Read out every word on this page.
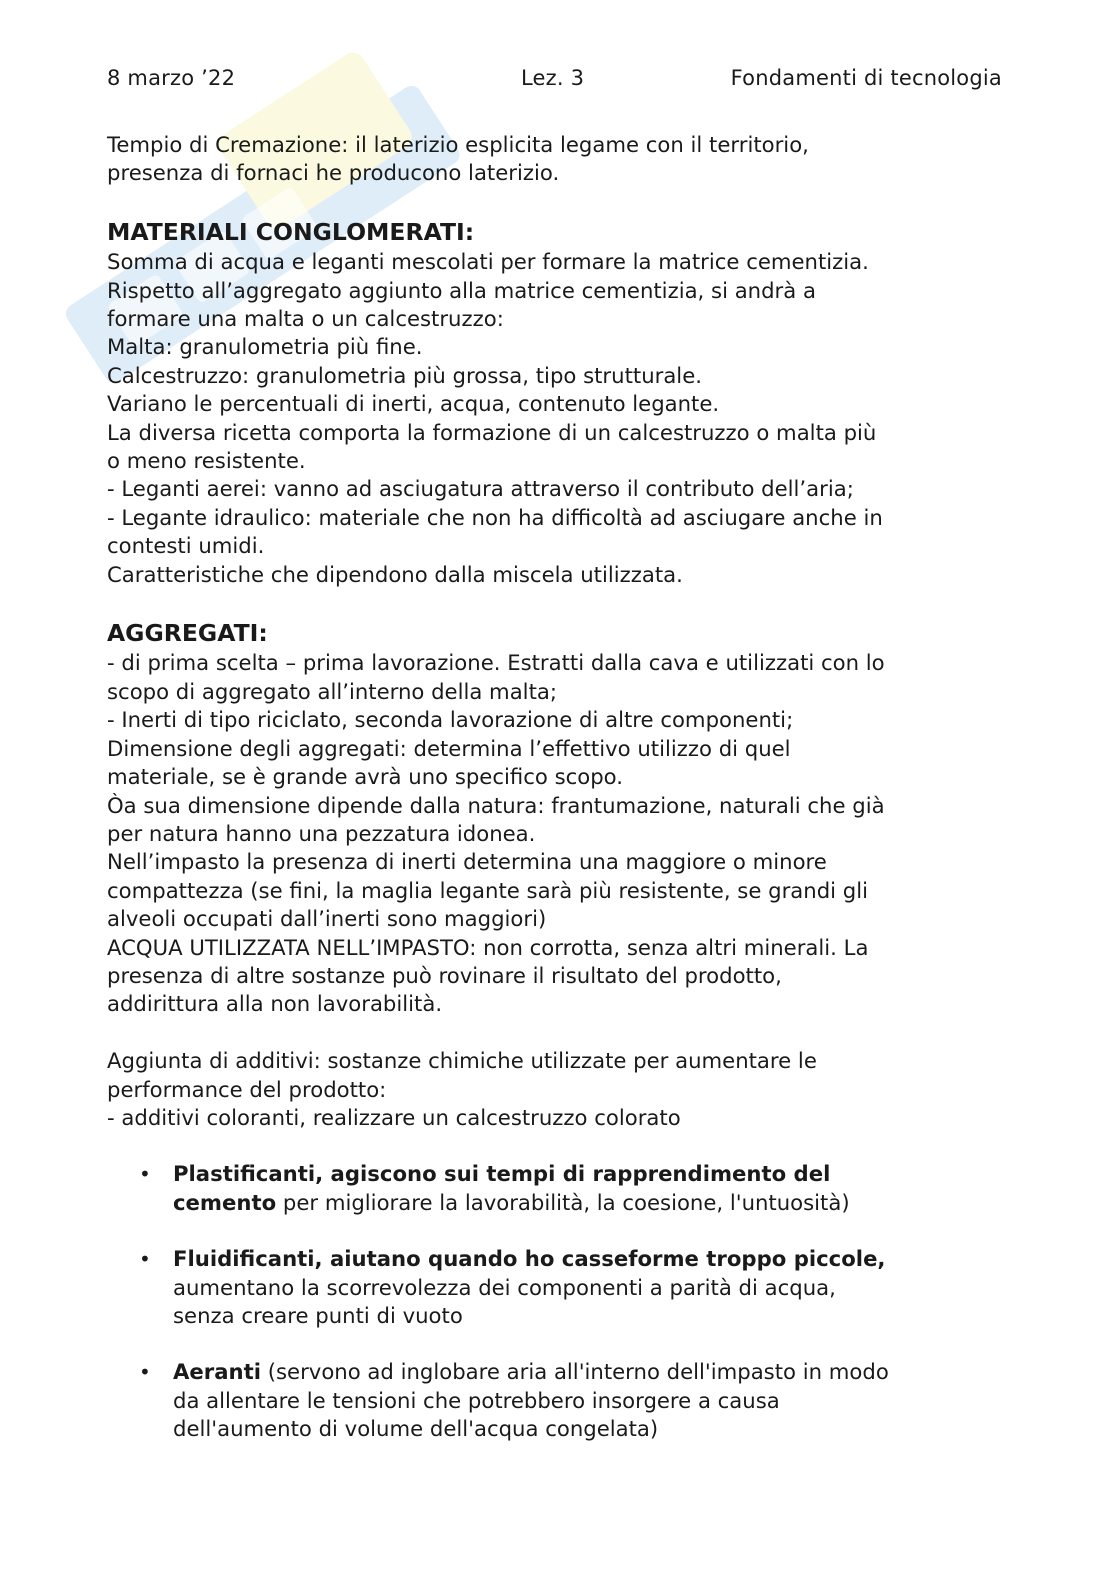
8 marzo ’22	Lez. 3	Fondamenti di tecnologia

Tempio di Cremazione: il laterizio esplicita legame con il territorio,

presenza di fornaci he producono laterizio.

MATERIALI CONGLOMERATI:

Somma di acqua e leganti mescolati per formare la matrice cementizia.

Rispetto all’aggregato aggiunto alla matrice cementizia, si andrà a

formare una malta o un calcestruzzo:

Malta: granulometria più fine.

Calcestruzzo: granulometria più grossa, tipo strutturale.

Variano le percentuali di inerti, acqua, contenuto legante.

La diversa ricetta comporta la formazione di un calcestruzzo o malta più

o meno resistente.

- Leganti aerei: vanno ad asciugatura attraverso il contributo dell’aria;

- Legante idraulico: materiale che non ha difficoltà ad asciugare anche in

contesti umidi.

Caratteristiche che dipendono dalla miscela utilizzata.

AGGREGATI:

- di prima scelta – prima lavorazione. Estratti dalla cava e utilizzati con lo

scopo di aggregato all’interno della malta;

- Inerti di tipo riciclato, seconda lavorazione di altre componenti;

Dimensione degli aggregati: determina l’effettivo utilizzo di quel

materiale, se è grande avrà uno specifico scopo.

Òa sua dimensione dipende dalla natura: frantumazione, naturali che già

per natura hanno una pezzatura idonea.

Nell’impasto la presenza di inerti determina una maggiore o minore

compattezza (se fini, la maglia legante sarà più resistente, se grandi gli

alveoli occupati dall’inerti sono maggiori)

ACQUA UTILIZZATA NELL’IMPASTO: non corrotta, senza altri minerali. La

presenza di altre sostanze può rovinare il risultato del prodotto,

addirittura alla non lavorabilità.

Aggiunta di additivi: sostanze chimiche utilizzate per aumentare le

performance del prodotto:

- additivi coloranti, realizzare un calcestruzzo colorato

• Plastificanti, agiscono sui tempi di rapprendimento del
cemento per migliorare la lavorabilità, la coesione, l'untuosità)
• Fluidificanti, aiutano quando ho casseforme troppo piccole,
aumentano la scorrevolezza dei componenti a parità di acqua,
senza creare punti di vuoto
• Aeranti (servono ad inglobare aria all'interno dell'impasto in modo
da allentare le tensioni che potrebbero insorgere a causa
dell'aumento di volume dell'acqua congelata)
